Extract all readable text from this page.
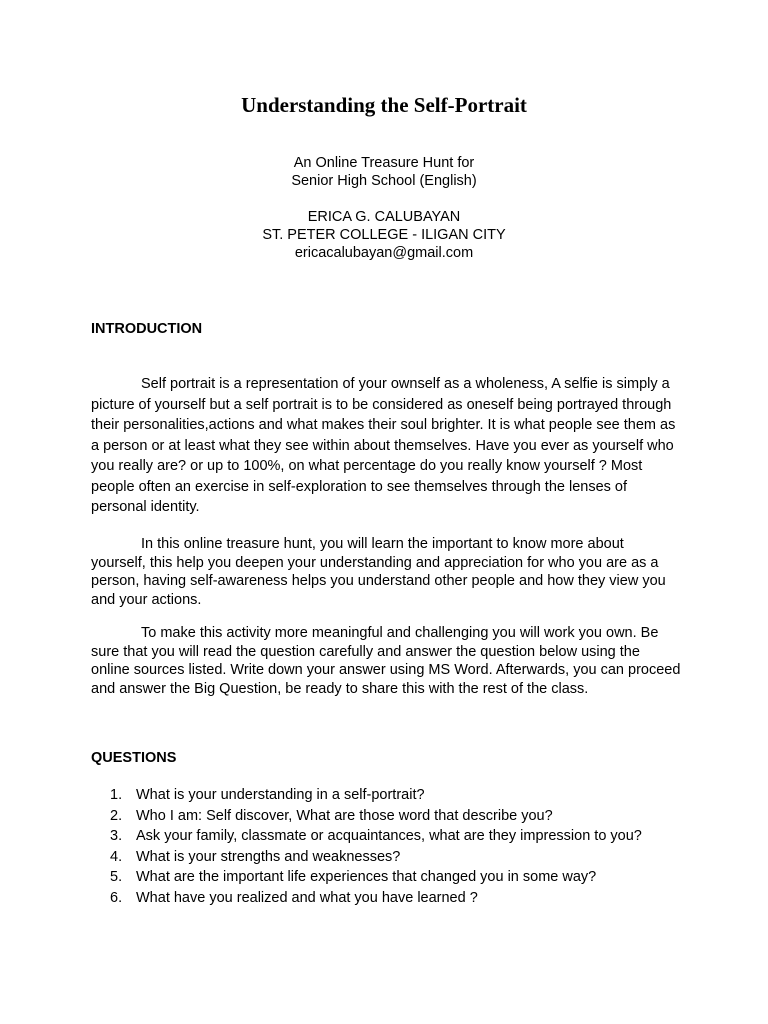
Understanding the Self-Portrait
An Online Treasure Hunt for
Senior High School (English)
ERICA G. CALUBAYAN
ST. PETER COLLEGE - ILIGAN CITY
ericacalubayan@gmail.com
INTRODUCTION

Self portrait is a representation of your ownself as a wholeness, A selfie is simply a picture of yourself but a self portrait is to be considered as oneself being portrayed through their personalities,actions and what makes their soul brighter. It is what people see them as a person or at least what they see within about themselves. Have you ever as yourself who you really are? or up to 100%, on what percentage do you really know yourself ? Most people often an exercise in self-exploration to see themselves through the lenses of personal identity.

In this online treasure hunt, you will learn the important to know more about yourself, this help you deepen your understanding and appreciation for who you are as a person, having self-awareness helps you understand other people and how they view you and your actions.

To make this activity more meaningful and challenging you will work you own. Be sure that you will read the question carefully and answer the question below using the online sources listed. Write down your answer using MS Word. Afterwards, you can proceed and answer the Big Question, be ready to share this with the rest of the class.

QUESTIONS
1. What is your understanding in a self-portrait?
2. Who I am: Self discover, What are those word that describe you?
3. Ask your family, classmate or acquaintances, what are they impression to you?
4. What is your strengths and weaknesses?
5. What are the important life experiences that changed you in some way?
6. What have you realized and what you have learned ?
